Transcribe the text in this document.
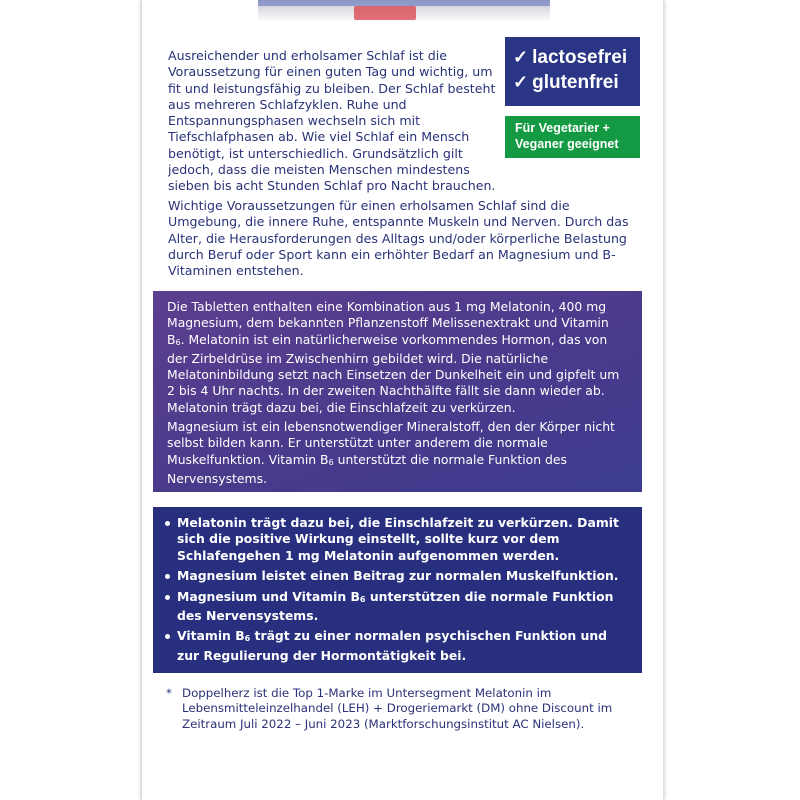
Ausreichender und erholsamer Schlaf ist die Voraussetzung für einen guten Tag und wichtig, um fit und leistungsfähig zu bleiben. Der Schlaf besteht aus mehreren Schlafzyklen. Ruhe und Entspannungsphasen wechseln sich mit Tiefschlafphasen ab. Wie viel Schlaf ein Mensch benötigt, ist unterschiedlich. Grundsätzlich gilt jedoch, dass die meisten Menschen mindestens sieben bis acht Stunden Schlaf pro Nacht brauchen.

Wichtige Voraussetzungen für einen erholsamen Schlaf sind die Umgebung, die innere Ruhe, entspannte Muskeln und Nerven. Durch das Alter, die Herausforderungen des Alltags und/oder körperliche Belastung durch Beruf oder Sport kann ein erhöhter Bedarf an Magnesium und B-Vitaminen entstehen.

✓ lactosefrei
✓ glutenfrei
Für Vegetarier +
Veganer geeignet

Die Tabletten enthalten eine Kombination aus 1 mg Melatonin, 400 mg Magnesium, dem bekannten Pflanzenstoff Melissenextrakt und Vitamin B6. Melatonin ist ein natürlicherweise vorkommendes Hormon, das von der Zirbeldrüse im Zwischenhirn gebildet wird. Die natürliche Melatoninbildung setzt nach Einsetzen der Dunkelheit ein und gipfelt um 2 bis 4 Uhr nachts. In der zweiten Nachthälfte fällt sie dann wieder ab. Melatonin trägt dazu bei, die Einschlafzeit zu verkürzen.

Magnesium ist ein lebensnotwendiger Mineralstoff, den der Körper nicht selbst bilden kann. Er unterstützt unter anderem die normale Muskelfunktion. Vitamin B6 unterstützt die normale Funktion des Nervensystems.

Melatonin trägt dazu bei, die Einschlafzeit zu verkürzen. Damit sich die positive Wirkung einstellt, sollte kurz vor dem Schlafengehen 1 mg Melatonin aufgenommen werden.
Magnesium leistet einen Beitrag zur normalen Muskelfunktion.
Magnesium und Vitamin B6 unterstützen die normale Funktion des Nervensystems.
Vitamin B6 trägt zu einer normalen psychischen Funktion und zur Regulierung der Hormontätigkeit bei.
* Doppelherz ist die Top 1-Marke im Untersegment Melatonin im Lebensmitteleinzelhandel (LEH) + Drogeriemarkt (DM) ohne Discount im Zeitraum Juli 2022 – Juni 2023 (Marktforschungsinstitut AC Nielsen).
